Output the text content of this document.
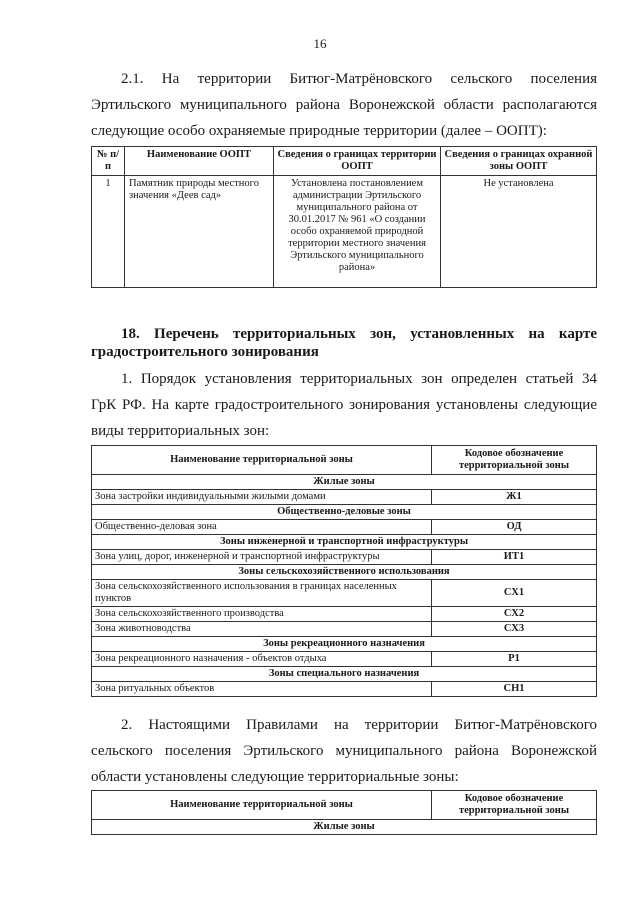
16
2.1. На территории Битюг-Матрёновского сельского поселения
Эртильского муниципального района Воронежской области располагаются
следующие особо охраняемые природные территории (далее – ООПТ):
№ п/п	Наименование ООПТ	Сведения о границах территории ООПТ	Сведения о границах охранной зоны ООПТ
1	Памятник природы местного значения «Деев сад»	Установлена постановлением администрации Эртильского муниципального района от 30.01.2017 № 961 «О создании особо охраняемой природной территории местного значения Эртильского муниципального района»	Не установлена
18. Перечень территориальных зон, установленных на карте
градостроительного зонирования
1. Порядок установления территориальных зон определен статьей 34
ГрК РФ. На карте градостроительного зонирования установлены следующие
виды территориальных зон:
Наименование территориальной зоны	Кодовое обозначение территориальной зоны
Жилые зоны	
Зона застройки индивидуальными жилыми домами	Ж1
Общественно-деловые зоны	
Общественно-деловая зона	ОД
Зоны инженерной и транспортной инфраструктуры	
Зона улиц, дорог, инженерной и транспортной инфраструктуры	ИТ1
Зоны сельскохозяйственного использования	
Зона сельскохозяйственного использования в границах населенных пунктов	СХ1
Зона сельскохозяйственного производства	СХ2
Зона животноводства	СХ3
Зоны рекреационного назначения	
Зона рекреационного назначения - объектов отдыха	Р1
Зоны специального назначения	
Зона ритуальных объектов	СН1
2. Настоящими Правилами на территории Битюг-Матрёновского
сельского поселения Эртильского муниципального района Воронежской
области установлены следующие территориальные зоны:
Наименование территориальной зоны	Кодовое обозначение территориальной зоны
Жилые зоны
